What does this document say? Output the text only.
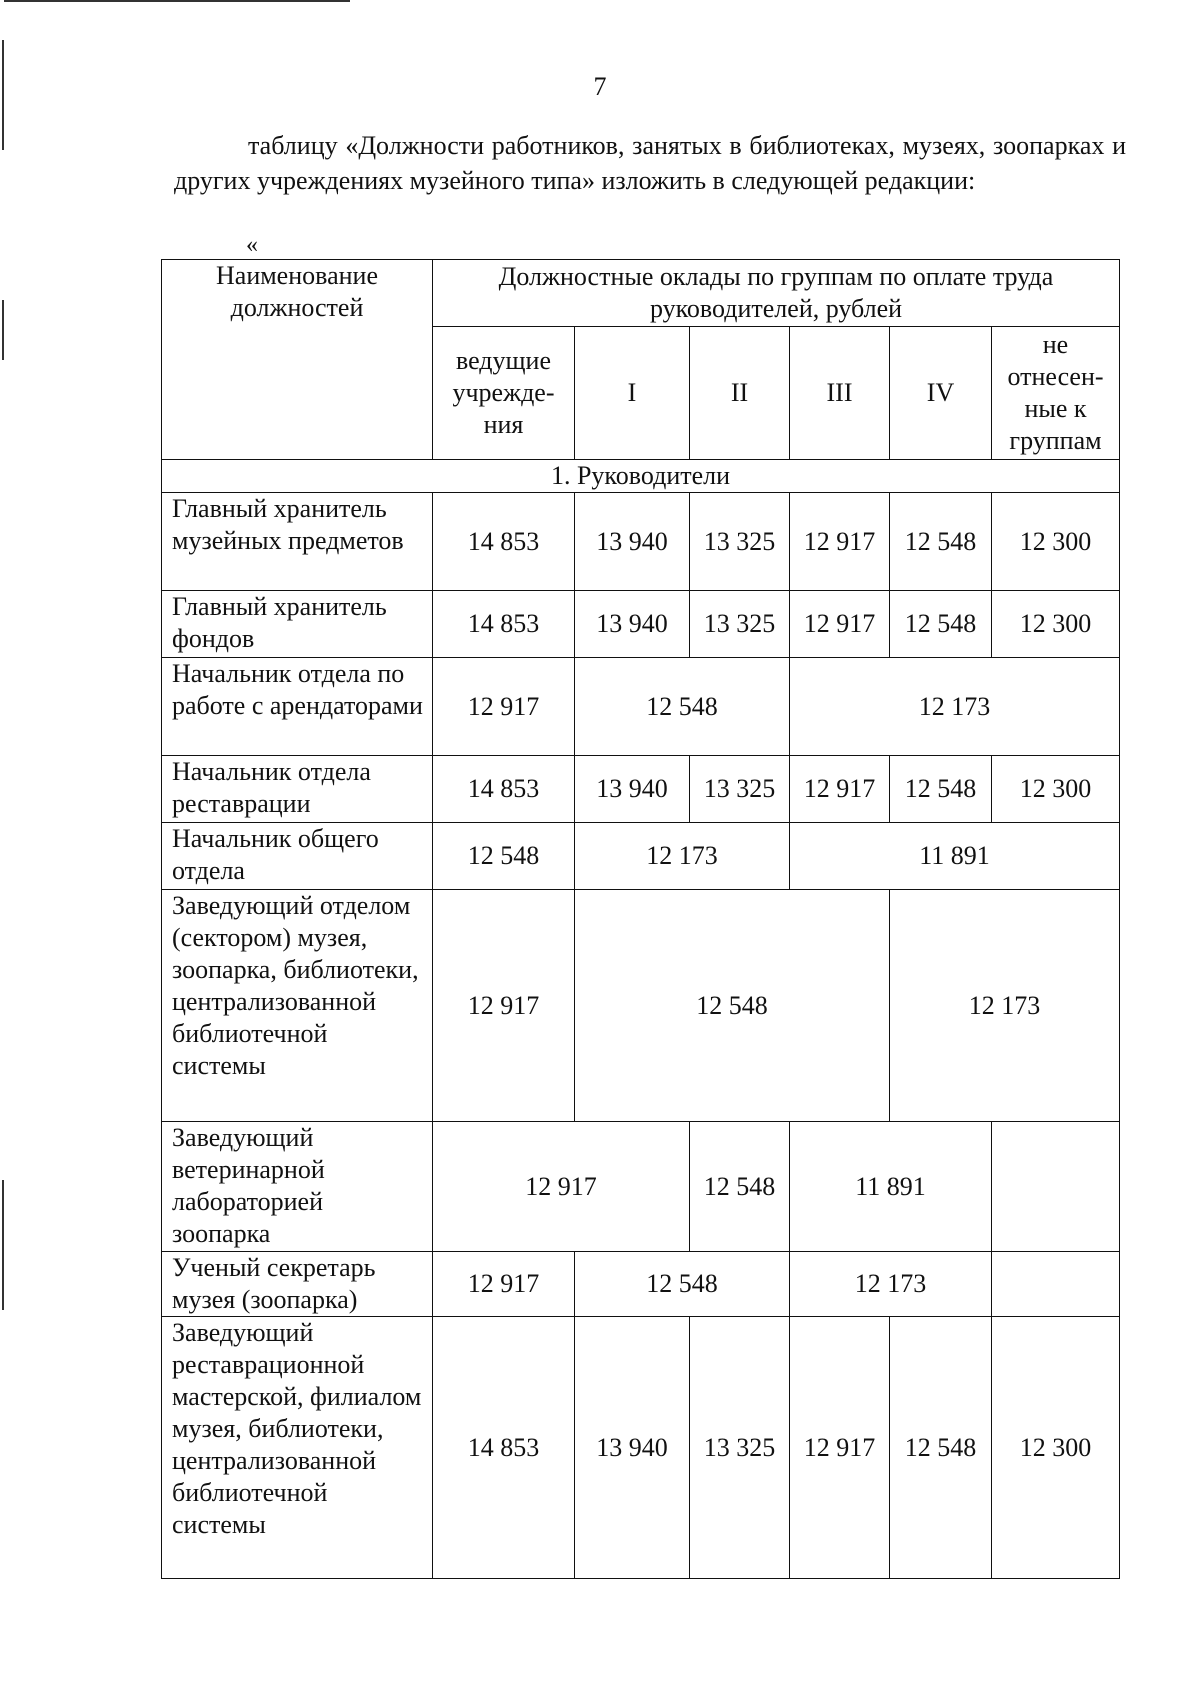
7
таблицу «Должности работников, занятых в библиотеках, музеях, зоопарках и других учреждениях музейного типа» изложить в следующей редакции:
«
Наименование должностей	Должностные оклады по группам по оплате труда руководителей, рублей					
	ведущие учрежде-ния	I	II	III	IV	не отнесен-ные к группам
1. Руководители						
Главный хранитель музейных предметов	14 853	13 940	13 325	12 917	12 548	12 300
Главный хранитель фондов	14 853	13 940	13 325	12 917	12 548	12 300
Начальник отдела по работе с арендаторами	12 917	12 548		12 173		
Начальник отдела реставрации	14 853	13 940	13 325	12 917	12 548	12 300
Начальник общего отдела	12 548	12 173		11 891		
Заведующий отделом (сектором) музея, зоопарка, библиотеки, централизованной библиотечной системы	12 917	12 548			12 173	
Заведующий ветеринарной лабораторией зоопарка	12 917		12 548	11 891		
Ученый секретарь музея (зоопарка)	12 917	12 548		12 173		
Заведующий реставрационной мастерской, филиалом музея, библиотеки, централизованной библиотечной системы	14 853	13 940	13 325	12 917	12 548	12 300
